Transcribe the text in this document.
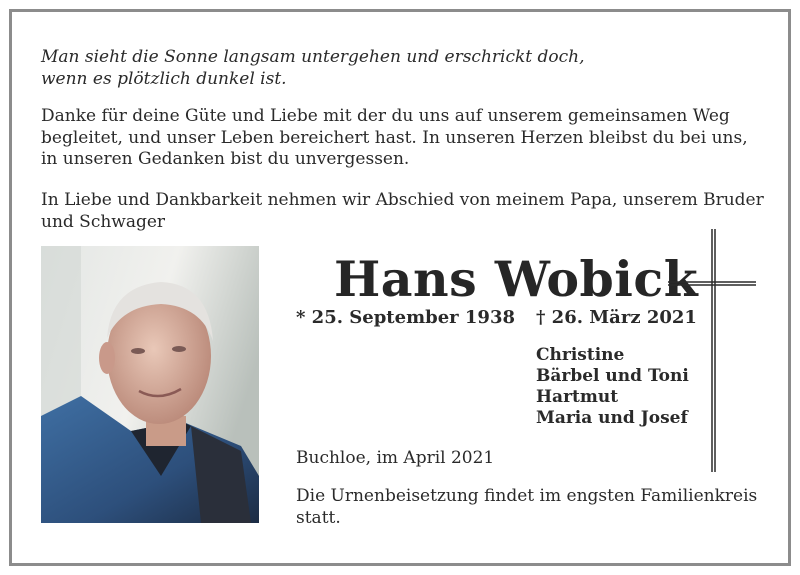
Man sieht die Sonne langsam untergehen und erschrickt doch,
wenn es plötzlich dunkel ist.
Danke für deine Güte und Liebe mit der du uns auf unserem gemeinsamen Weg
begleitet, und unser Leben bereichert hast. In unseren Herzen bleibst du bei uns,
in unseren Gedanken bist du unvergessen.
In Liebe und Dankbarkeit nehmen wir Abschied von meinem Papa, unserem Bruder
und Schwager
Hans Wobick
* 25. September 1938 † 26. März 2021
Christine
Bärbel und Toni
Hartmut
Maria und Josef
Buchloe, im April 2021
Die Urnenbeisetzung findet im engsten Familienkreis
statt.
